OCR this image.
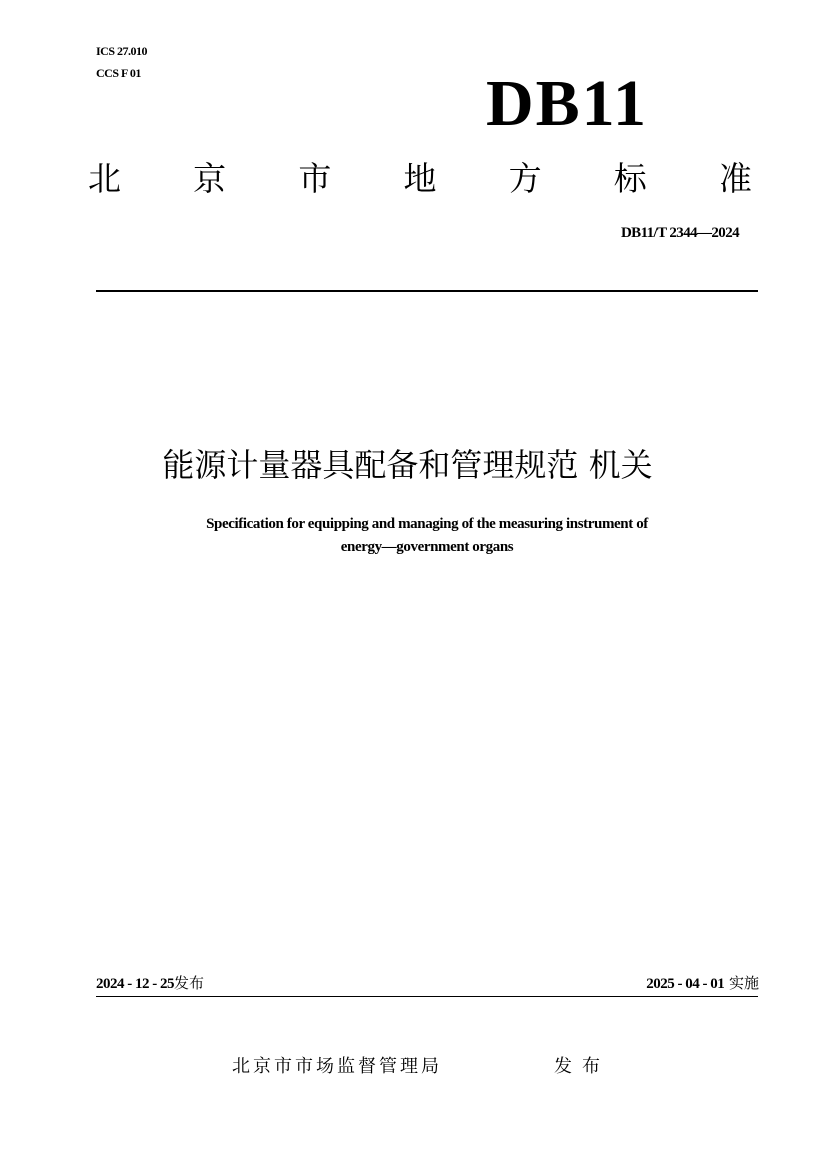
ICS 27.010
CCS F 01	DB11
北 京 市 地 方 标 准
DB11/T 2344—2024
能源计量器具配备和管理规范 机关
Specification for equipping and managing of the measuring instrument of
energy—government organs
2024 - 12 - 25发布	2025 - 04 - 01 实施
北京市市场监督管理局	发布
